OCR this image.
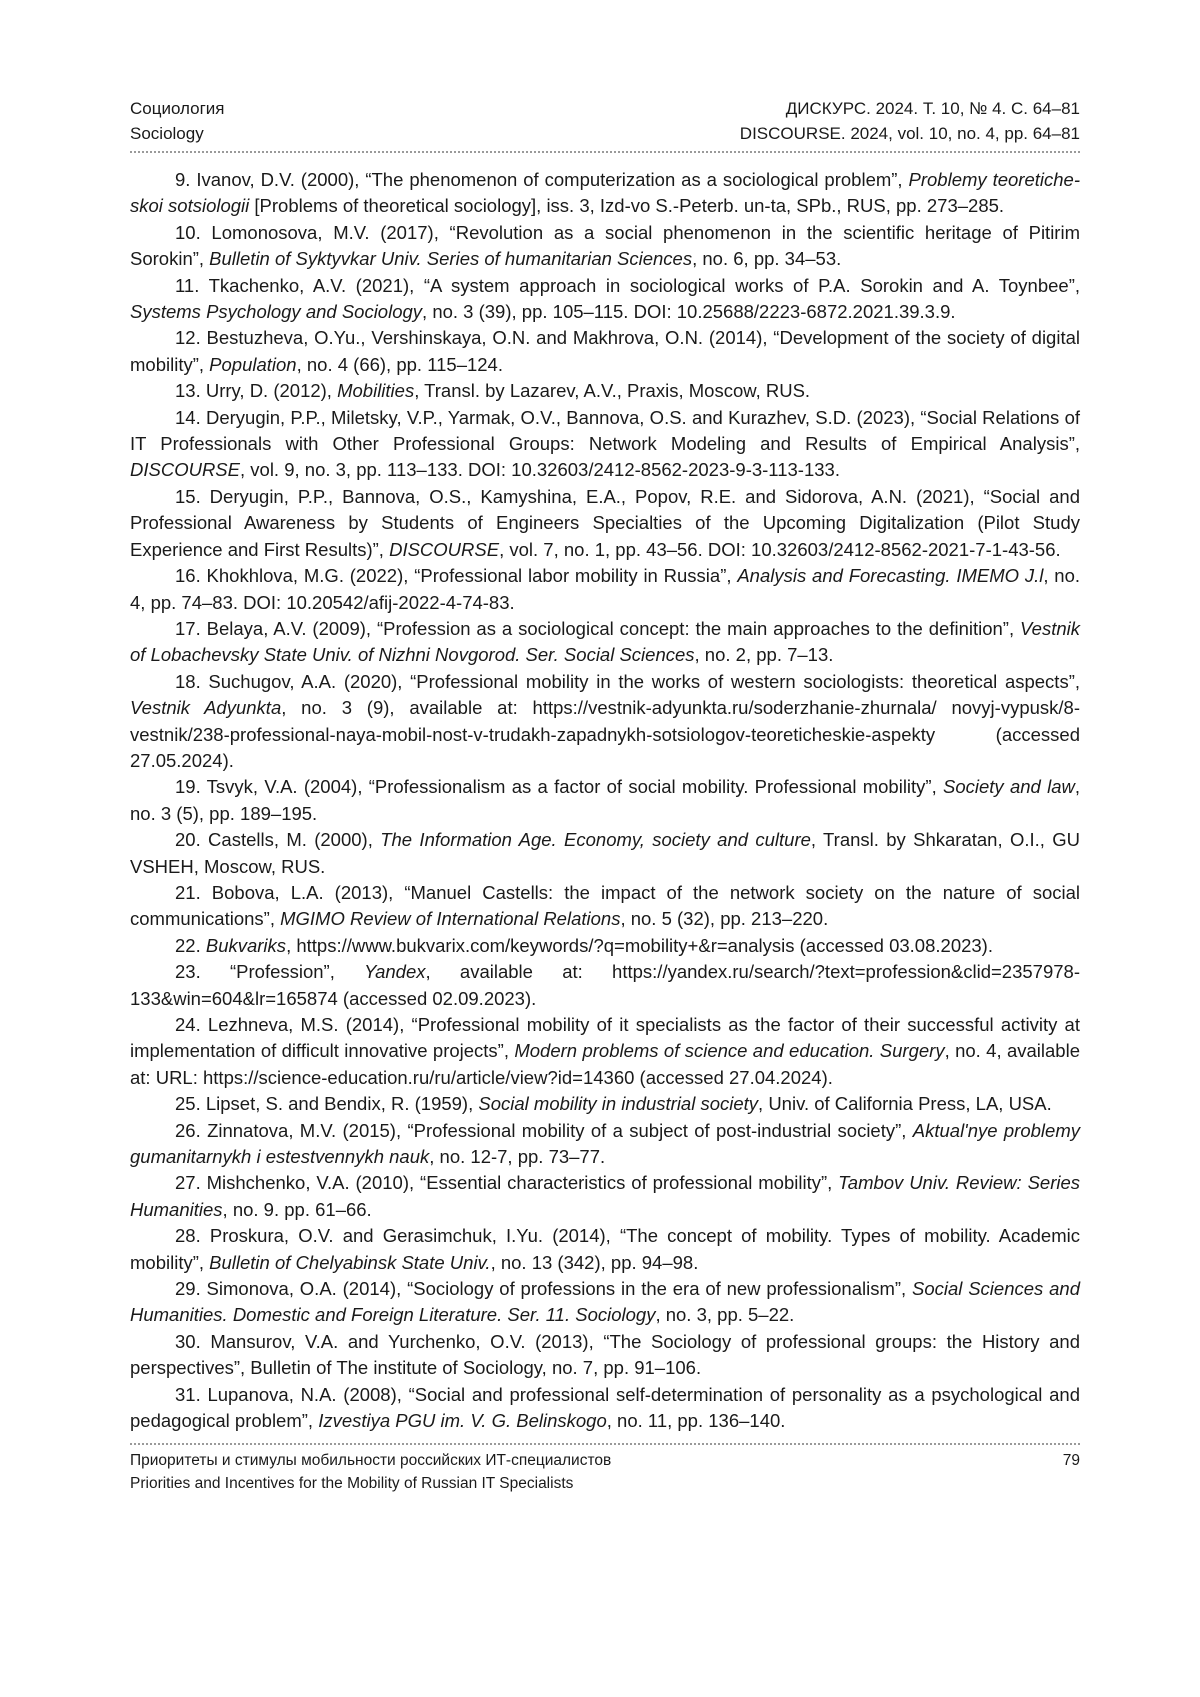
Социология
Sociology
ДИСКУРС. 2024. Т. 10, № 4. С. 64–81
DISCOURSE. 2024, vol. 10, no. 4, pp. 64–81

9. Ivanov, D.V. (2000), “The phenomenon of computerization as a sociological problem”, Problemy teoretiche-skoi sotsiologii [Problems of theoretical sociology], iss. 3, Izd-vo S.-Peterb. un-ta, SPb., RUS, pp. 273–285.

10. Lomonosova, M.V. (2017), “Revolution as a social phenomenon in the scientific heritage of Pitirim Sorokin”, Bulletin of Syktyvkar Univ. Series of humanitarian Sciences, no. 6, pp. 34–53.

11. Tkachenko, A.V. (2021), “A system approach in sociological works of P.A. Sorokin and A. Toynbee”, Systems Psychology and Sociology, no. 3 (39), pp. 105–115. DOI: 10.25688/2223-6872.2021.39.3.9.

12. Bestuzheva, O.Yu., Vershinskaya, O.N. and Makhrova, O.N. (2014), “Development of the society of digital mobility”, Population, no. 4 (66), pp. 115–124.

13. Urry, D. (2012), Mobilities, Transl. by Lazarev, A.V., Praxis, Moscow, RUS.

14. Deryugin, P.P., Miletsky, V.P., Yarmak, O.V., Bannova, O.S. and Kurazhev, S.D. (2023), “Social Relations of IT Professionals with Other Professional Groups: Network Modeling and Results of Empirical Analysis”, DISCOURSE, vol. 9, no. 3, pp. 113–133. DOI: 10.32603/2412-8562-2023-9-3-113-133.

15. Deryugin, P.P., Bannova, O.S., Kamyshina, E.A., Popov, R.E. and Sidorova, A.N. (2021), “Social and Professional Awareness by Students of Engineers Specialties of the Upcoming Digitalization (Pilot Study Experience and First Results)”, DISCOURSE, vol. 7, no. 1, pp. 43–56. DOI: 10.32603/2412-8562-2021-7-1-43-56.

16. Khokhlova, M.G. (2022), “Professional labor mobility in Russia”, Analysis and Forecasting. IMEMO J.l, no. 4, pp. 74–83. DOI: 10.20542/afij-2022-4-74-83.

17. Belaya, A.V. (2009), “Profession as a sociological concept: the main approaches to the definition”, Vestnik of Lobachevsky State Univ. of Nizhni Novgorod. Ser. Social Sciences, no. 2, pp. 7–13.

18. Suchugov, A.A. (2020), “Professional mobility in the works of western sociologists: theoretical aspects”, Vestnik Adyunkta, no. 3 (9), available at: https://vestnik-adyunkta.ru/soderzhanie-zhurnala/ novyj-vypusk/8-vestnik/238-professional-naya-mobil-nost-v-trudakh-zapadnykh-sotsiologov-teoreticheskie-aspekty (accessed 27.05.2024).

19. Tsvyk, V.A. (2004), “Professionalism as a factor of social mobility. Professional mobility”, Society and law, no. 3 (5), pp. 189–195.

20. Castells, M. (2000), The Information Age. Economy, society and culture, Transl. by Shkaratan, O.I., GU VSHEH, Moscow, RUS.

21. Bobova, L.A. (2013), “Manuel Castells: the impact of the network society on the nature of social communications”, MGIMO Review of International Relations, no. 5 (32), pp. 213–220.

22. Bukvariks, https://www.bukvarix.com/keywords/?q=mobility+&r=analysis (accessed 03.08.2023).

23. “Profession”, Yandex, available at: https://yandex.ru/search/?text=profession&clid=2357978-133&win=604&lr=165874 (accessed 02.09.2023).

24. Lezhneva, M.S. (2014), “Professional mobility of it specialists as the factor of their successful activity at implementation of difficult innovative projects”, Modern problems of science and education. Surgery, no. 4, available at: URL: https://science-education.ru/ru/article/view?id=14360 (accessed 27.04.2024).

25. Lipset, S. and Bendix, R. (1959), Social mobility in industrial society, Univ. of California Press, LA, USA.

26. Zinnatova, M.V. (2015), “Professional mobility of a subject of post-industrial society”, Aktual'nye problemy gumanitarnykh i estestvennykh nauk, no. 12-7, pp. 73–77.

27. Mishchenko, V.A. (2010), “Essential characteristics of professional mobility”, Tambov Univ. Review: Series Humanities, no. 9. pp. 61–66.

28. Proskura, O.V. and Gerasimchuk, I.Yu. (2014), “The concept of mobility. Types of mobility. Academic mobility”, Bulletin of Chelyabinsk State Univ., no. 13 (342), pp. 94–98.

29. Simonova, O.A. (2014), “Sociology of professions in the era of new professionalism”, Social Sciences and Humanities. Domestic and Foreign Literature. Ser. 11. Sociology, no. 3, pp. 5–22.

30. Mansurov, V.A. and Yurchenko, O.V. (2013), “The Sociology of professional groups: the History and perspectives”, Bulletin of The institute of Sociology, no. 7, pp. 91–106.

31. Lupanova, N.A. (2008), “Social and professional self-determination of personality as a psychological and pedagogical problem”, Izvestiya PGU im. V. G. Belinskogo, no. 11, pp. 136–140.

Приоритеты и стимулы мобильности российских ИТ-специалистов
Priorities and Incentives for the Mobility of Russian IT Specialists
79
